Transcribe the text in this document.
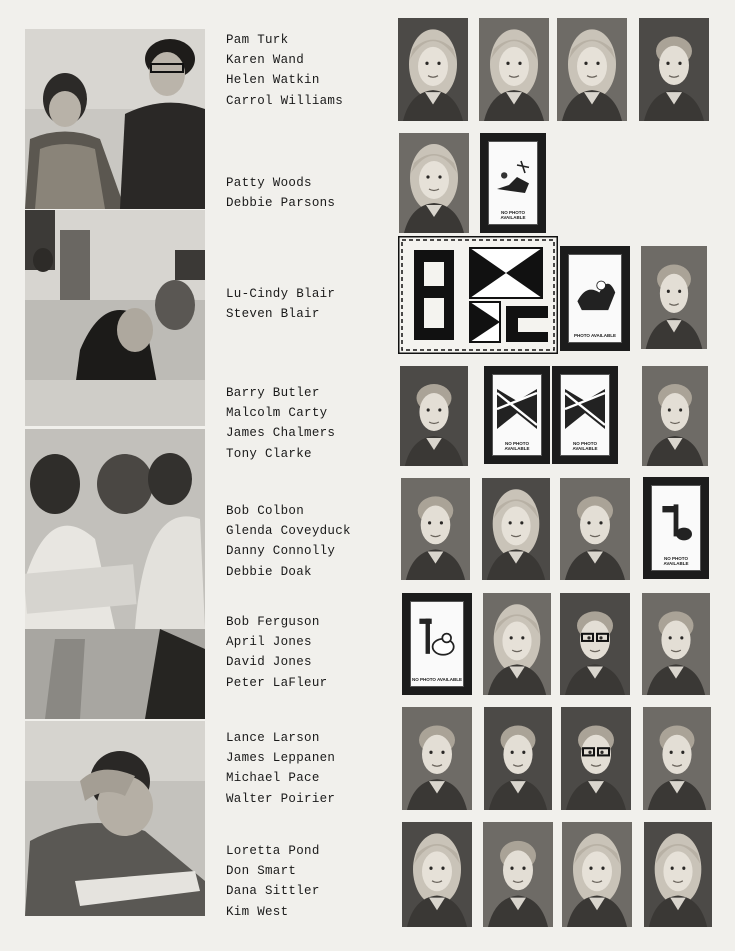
Pam Turk
Karen Wand
Helen Watkin
Carrol Williams
Patty Woods
Debbie Parsons
Lu-Cindy Blair
Steven Blair
Barry Butler
Malcolm Carty
James Chalmers
Tony Clarke
Bob Colbon
Glenda Coveyduck
Danny Connolly
Debbie Doak
Bob Ferguson
April Jones
David Jones
Peter LaFleur
Lance Larson
James Leppanen
Michael Pace
Walter Poirier
Loretta Pond
Don Smart
Dana Sittler
Kim West
NO PHOTO AVAILABLE
PHOTO AVAILABLE
NO PHOTO AVAILABLE
NO PHOTO AVAILABLE
NO PHOTO AVAILABLE
NO PHOTO AVAILABLE
